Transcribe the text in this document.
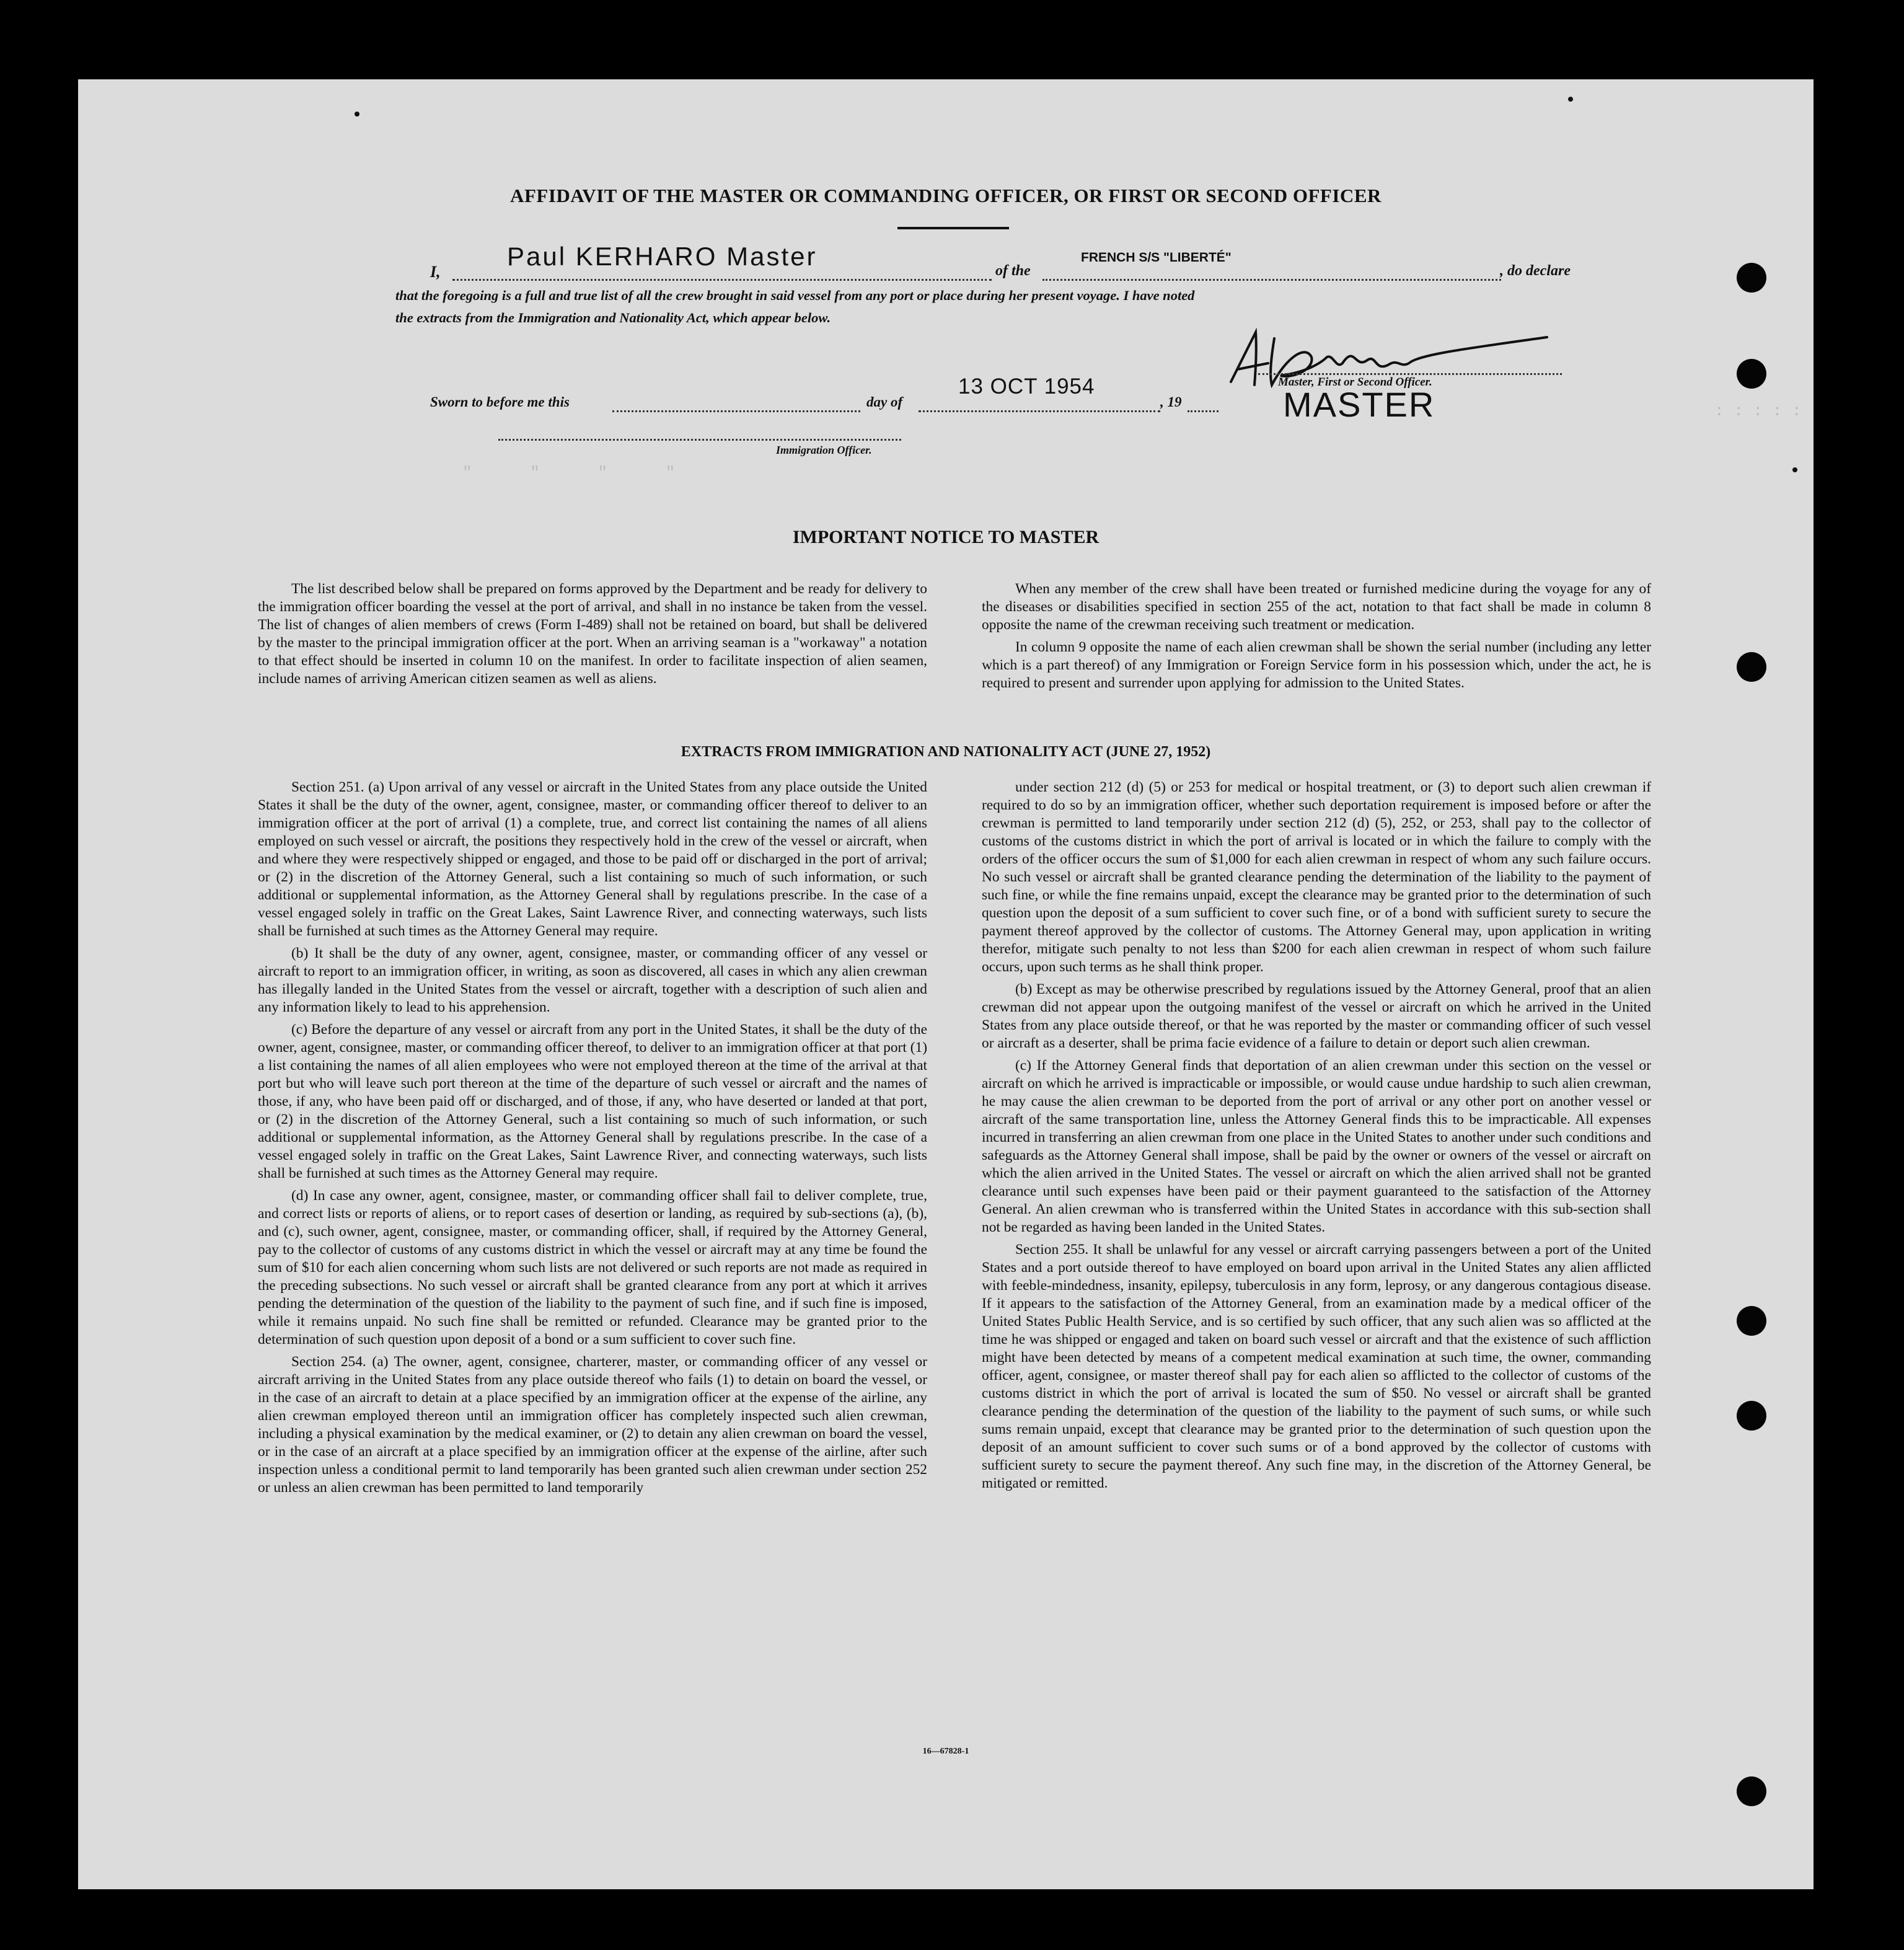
: : : : :
"      "      "      "
AFFIDAVIT OF THE MASTER OR COMMANDING OFFICER, OR FIRST OR SECOND OFFICER
I,
Paul KERHARO Master	of the
FRENCH S/S "LIBERTÉ"
, do declare
that the foregoing is a full and true list of all the crew brought in said vessel from any port or place during her present voyage. I have noted
the extracts from the Immigration and Nationality Act, which appear below.
Master, First or Second Officer.
MASTER
Sworn to before me this	day of
13 OCT 1954
, 19
Immigration Officer.
IMPORTANT NOTICE TO MASTER

The list described below shall be prepared on forms approved by the Department and be ready for delivery to the immigration officer boarding the vessel at the port of arrival, and shall in no instance be taken from the vessel. The list of changes of alien members of crews (Form I-489) shall not be retained on board, but shall be delivered by the master to the principal immigration officer at the port. When an arriving seaman is a "workaway" a notation to that effect should be inserted in column 10 on the manifest. In order to facilitate inspection of alien seamen, include names of arriving American citizen seamen as well as aliens.

When any member of the crew shall have been treated or furnished medicine during the voyage for any of the diseases or disabilities specified in section 255 of the act, notation to that fact shall be made in column 8 opposite the name of the crewman receiving such treatment or medication.

In column 9 opposite the name of each alien crewman shall be shown the serial number (including any letter which is a part thereof) of any Immigration or Foreign Service form in his possession which, under the act, he is required to present and surrender upon applying for admission to the United States.

EXTRACTS FROM IMMIGRATION AND NATIONALITY ACT (JUNE 27, 1952)

Section 251. (a) Upon arrival of any vessel or aircraft in the United States from any place outside the United States it shall be the duty of the owner, agent, consignee, master, or commanding officer thereof to deliver to an immigration officer at the port of arrival (1) a complete, true, and correct list containing the names of all aliens employed on such vessel or aircraft, the positions they respectively hold in the crew of the vessel or aircraft, when and where they were respectively shipped or engaged, and those to be paid off or discharged in the port of arrival; or (2) in the discretion of the Attorney General, such a list containing so much of such information, or such additional or supplemental information, as the Attorney General shall by regulations prescribe. In the case of a vessel engaged solely in traffic on the Great Lakes, Saint Lawrence River, and connecting waterways, such lists shall be furnished at such times as the Attorney General may require.

(b) It shall be the duty of any owner, agent, consignee, master, or commanding officer of any vessel or aircraft to report to an immigration officer, in writing, as soon as discovered, all cases in which any alien crewman has illegally landed in the United States from the vessel or aircraft, together with a description of such alien and any information likely to lead to his apprehension.

(c) Before the departure of any vessel or aircraft from any port in the United States, it shall be the duty of the owner, agent, consignee, master, or commanding officer thereof, to deliver to an immigration officer at that port (1) a list containing the names of all alien employees who were not employed thereon at the time of the arrival at that port but who will leave such port thereon at the time of the departure of such vessel or aircraft and the names of those, if any, who have been paid off or discharged, and of those, if any, who have deserted or landed at that port, or (2) in the discretion of the Attorney General, such a list containing so much of such information, or such additional or supplemental information, as the Attorney General shall by regulations prescribe. In the case of a vessel engaged solely in traffic on the Great Lakes, Saint Lawrence River, and connecting waterways, such lists shall be furnished at such times as the Attorney General may require.

(d) In case any owner, agent, consignee, master, or commanding officer shall fail to deliver complete, true, and correct lists or reports of aliens, or to report cases of desertion or landing, as required by sub-sections (a), (b), and (c), such owner, agent, consignee, master, or commanding officer, shall, if required by the Attorney General, pay to the collector of customs of any customs district in which the vessel or aircraft may at any time be found the sum of $10 for each alien concerning whom such lists are not delivered or such reports are not made as required in the preceding subsections. No such vessel or aircraft shall be granted clearance from any port at which it arrives pending the determination of the question of the liability to the payment of such fine, and if such fine is imposed, while it remains unpaid. No such fine shall be remitted or refunded. Clearance may be granted prior to the determination of such question upon deposit of a bond or a sum sufficient to cover such fine.

Section 254. (a) The owner, agent, consignee, charterer, master, or commanding officer of any vessel or aircraft arriving in the United States from any place outside thereof who fails (1) to detain on board the vessel, or in the case of an aircraft to detain at a place specified by an immigration officer at the expense of the airline, any alien crewman employed thereon until an immigration officer has completely inspected such alien crewman, including a physical examination by the medical examiner, or (2) to detain any alien crewman on board the vessel, or in the case of an aircraft at a place specified by an immigration officer at the expense of the airline, after such inspection unless a conditional permit to land temporarily has been granted such alien crewman under section 252 or unless an alien crewman has been permitted to land temporarily

under section 212 (d) (5) or 253 for medical or hospital treatment, or (3) to deport such alien crewman if required to do so by an immigration officer, whether such deportation requirement is imposed before or after the crewman is permitted to land temporarily under section 212 (d) (5), 252, or 253, shall pay to the collector of customs of the customs district in which the port of arrival is located or in which the failure to comply with the orders of the officer occurs the sum of $1,000 for each alien crewman in respect of whom any such failure occurs. No such vessel or aircraft shall be granted clearance pending the determination of the liability to the payment of such fine, or while the fine remains unpaid, except the clearance may be granted prior to the determination of such question upon the deposit of a sum sufficient to cover such fine, or of a bond with sufficient surety to secure the payment thereof approved by the collector of customs. The Attorney General may, upon application in writing therefor, mitigate such penalty to not less than $200 for each alien crewman in respect of whom such failure occurs, upon such terms as he shall think proper.

(b) Except as may be otherwise prescribed by regulations issued by the Attorney General, proof that an alien crewman did not appear upon the outgoing manifest of the vessel or aircraft on which he arrived in the United States from any place outside thereof, or that he was reported by the master or commanding officer of such vessel or aircraft as a deserter, shall be prima facie evidence of a failure to detain or deport such alien crewman.

(c) If the Attorney General finds that deportation of an alien crewman under this section on the vessel or aircraft on which he arrived is impracticable or impossible, or would cause undue hardship to such alien crewman, he may cause the alien crewman to be deported from the port of arrival or any other port on another vessel or aircraft of the same transportation line, unless the Attorney General finds this to be impracticable. All expenses incurred in transferring an alien crewman from one place in the United States to another under such conditions and safeguards as the Attorney General shall impose, shall be paid by the owner or owners of the vessel or aircraft on which the alien arrived in the United States. The vessel or aircraft on which the alien arrived shall not be granted clearance until such expenses have been paid or their payment guaranteed to the satisfaction of the Attorney General. An alien crewman who is transferred within the United States in accordance with this sub-section shall not be regarded as having been landed in the United States.

Section 255. It shall be unlawful for any vessel or aircraft carrying passengers between a port of the United States and a port outside thereof to have employed on board upon arrival in the United States any alien afflicted with feeble-mindedness, insanity, epilepsy, tuberculosis in any form, leprosy, or any dangerous contagious disease. If it appears to the satisfaction of the Attorney General, from an examination made by a medical officer of the United States Public Health Service, and is so certified by such officer, that any such alien was so afflicted at the time he was shipped or engaged and taken on board such vessel or aircraft and that the existence of such affliction might have been detected by means of a competent medical examination at such time, the owner, commanding officer, agent, consignee, or master thereof shall pay for each alien so afflicted to the collector of customs of the customs district in which the port of arrival is located the sum of $50. No vessel or aircraft shall be granted clearance pending the determination of the question of the liability to the payment of such sums, or while such sums remain unpaid, except that clearance may be granted prior to the determination of such question upon the deposit of an amount sufficient to cover such sums or of a bond approved by the collector of customs with sufficient surety to secure the payment thereof. Any such fine may, in the discretion of the Attorney General, be mitigated or remitted.

16—67828-1
